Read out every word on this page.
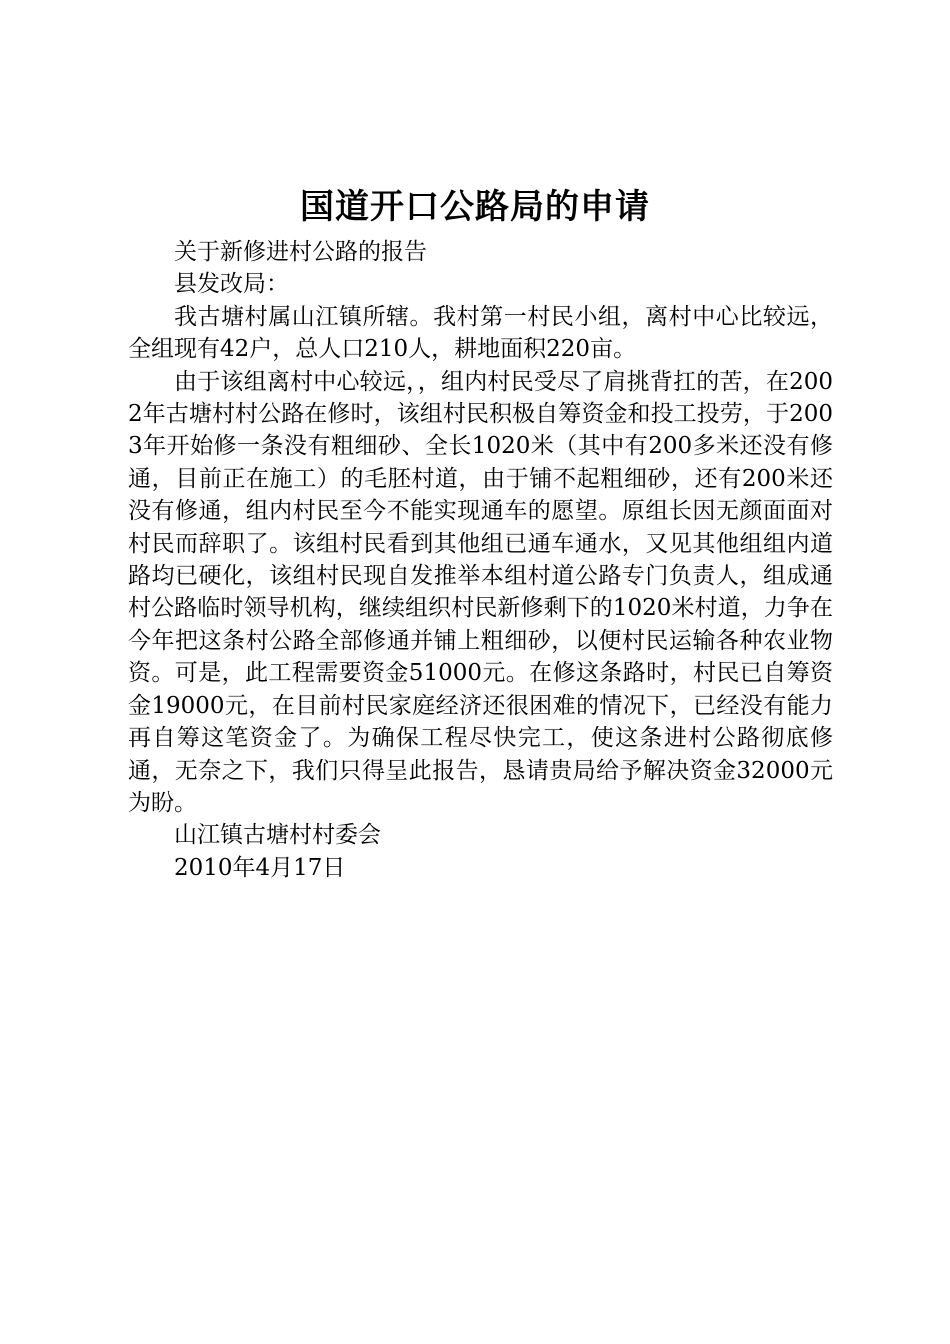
国道开口公路局的申请

关于新修进村公路的报告

县发改局：

我古塘村属山江镇所辖。我村第一村民小组，离村中心比较远，全组现有42户，总人口210人，耕地面积220亩。

由于该组离村中心较远，，组内村民受尽了肩挑背扛的苦，在2002年古塘村村公路在修时，该组村民积极自筹资金和投工投劳，于2003年开始修一条没有粗细砂、全长1020米（其中有200多米还没有修通，目前正在施工）的毛胚村道，由于铺不起粗细砂，还有200米还没有修通，组内村民至今不能实现通车的愿望。原组长因无颜面面对村民而辞职了。该组村民看到其他组已通车通水，又见其他组组内道路均已硬化，该组村民现自发推举本组村道公路专门负责人，组成通村公路临时领导机构，继续组织村民新修剩下的1020米村道，力争在今年把这条村公路全部修通并铺上粗细砂，以便村民运输各种农业物资。可是，此工程需要资金51000元。在修这条路时，村民已自筹资金19000元，在目前村民家庭经济还很困难的情况下，已经没有能力再自筹这笔资金了。为确保工程尽快完工，使这条进村公路彻底修通，无奈之下，我们只得呈此报告，恳请贵局给予解决资金32000元为盼。

山江镇古塘村村委会

2010年4月17日
